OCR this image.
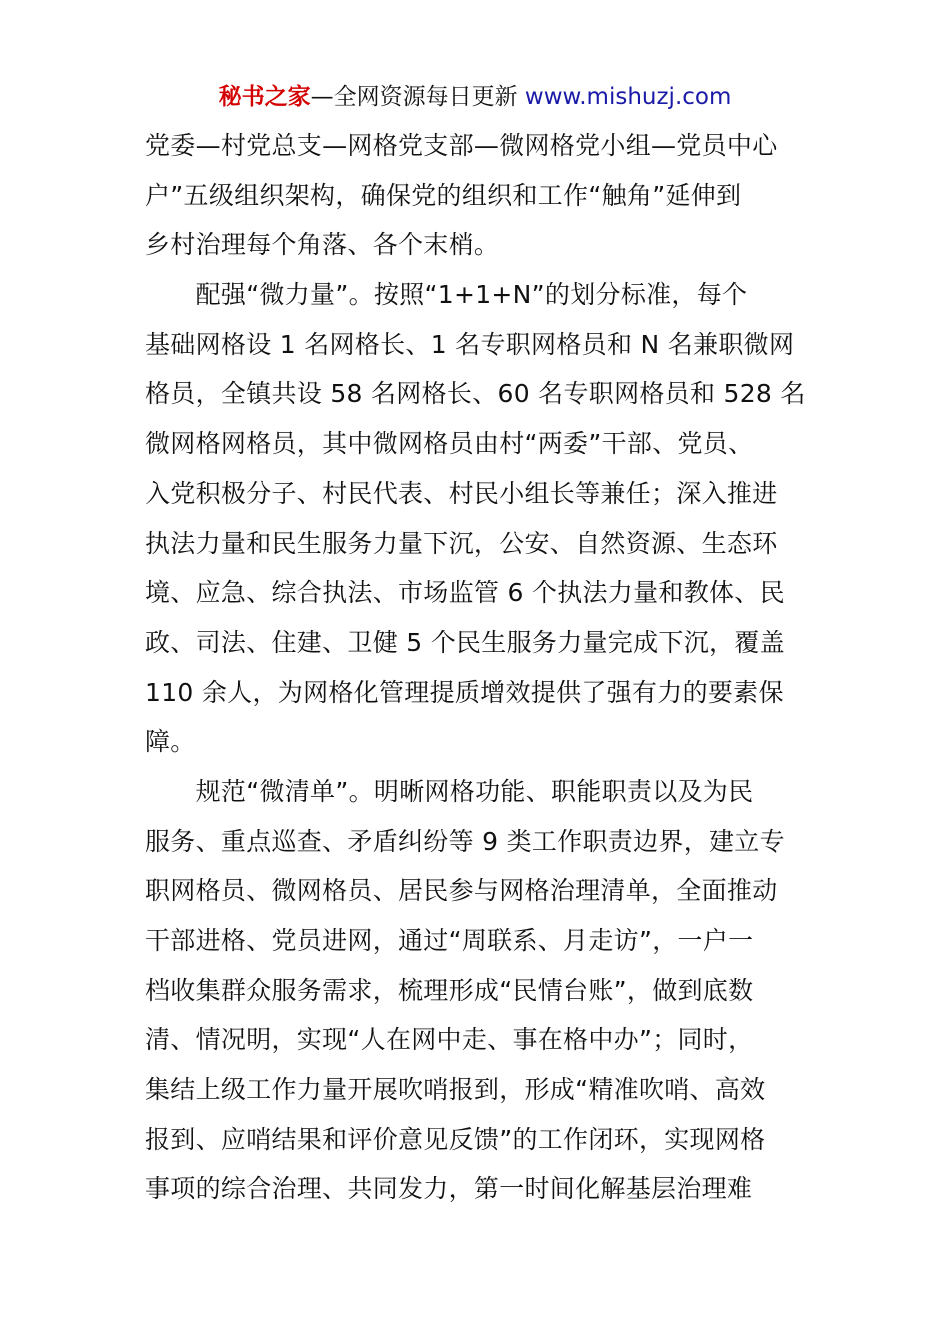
秘书之家—全网资源每日更新 www.mishuzj.com
党委—村党总支—网格党支部—微网格党小组—党员中心
户”五级组织架构，确保党的组织和工作“触角”延伸到
乡村治理每个角落、各个末梢。
　　配强“微力量”。按照“1+1+N”的划分标准，每个
基础网格设 1 名网格长、1 名专职网格员和 N 名兼职微网
格员，全镇共设 58 名网格长、60 名专职网格员和 528 名
微网格网格员，其中微网格员由村“两委”干部、党员、
入党积极分子、村民代表、村民小组长等兼任；深入推进
执法力量和民生服务力量下沉，公安、自然资源、生态环
境、应急、综合执法、市场监管 6 个执法力量和教体、民
政、司法、住建、卫健 5 个民生服务力量完成下沉，覆盖
110 余人，为网格化管理提质增效提供了强有力的要素保
障。
　　规范“微清单”。明晰网格功能、职能职责以及为民
服务、重点巡查、矛盾纠纷等 9 类工作职责边界，建立专
职网格员、微网格员、居民参与网格治理清单，全面推动
干部进格、党员进网，通过“周联系、月走访”，一户一
档收集群众服务需求，梳理形成“民情台账”，做到底数
清、情况明，实现“人在网中走、事在格中办”；同时，
集结上级工作力量开展吹哨报到，形成“精准吹哨、高效
报到、应哨结果和评价意见反馈”的工作闭环，实现网格
事项的综合治理、共同发力，第一时间化解基层治理难
